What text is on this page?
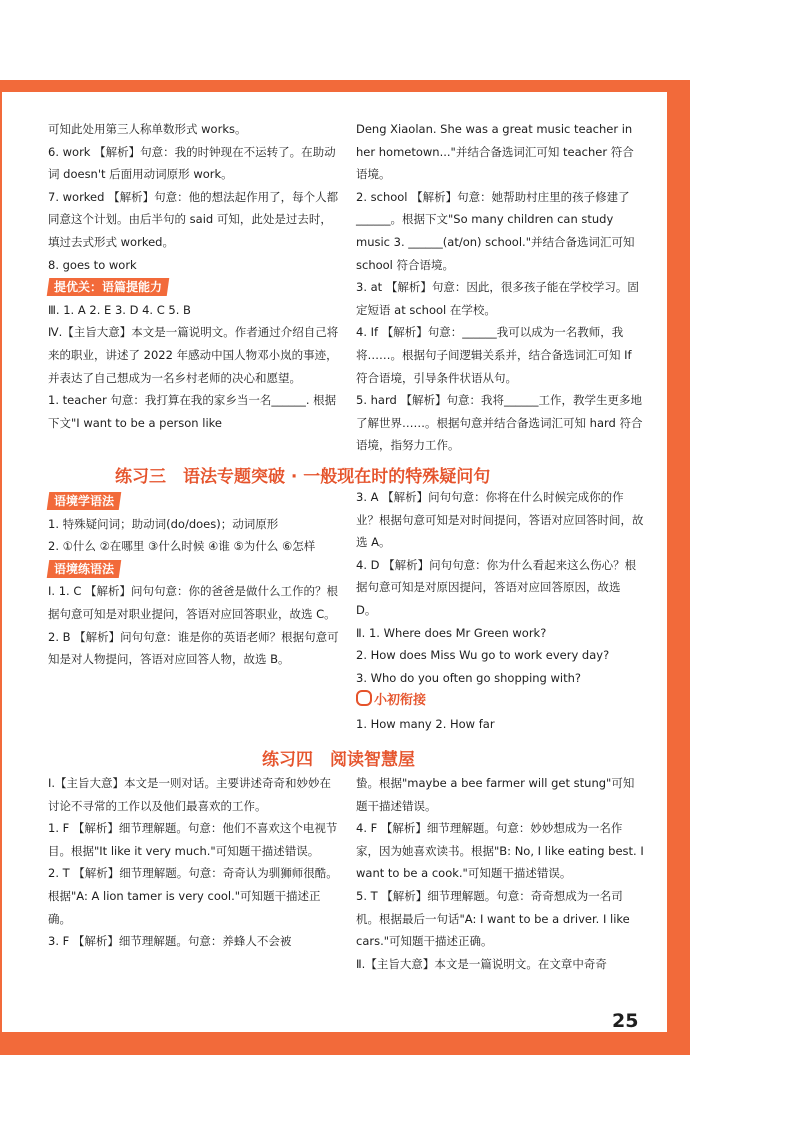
可知此处用第三人称单数形式 works。

6. work 【解析】句意：我的时钟现在不运转了。在助动词 doesn't 后面用动词原形 work。

7. worked 【解析】句意：他的想法起作用了，每个人都同意这个计划。由后半句的 said 可知，此处是过去时，填过去式形式 worked。

8. goes to work

提优关：语篇提能力

Ⅲ. 1. A 2. E 3. D 4. C 5. B

Ⅳ.【主旨大意】本文是一篇说明文。作者通过介绍自己将来的职业，讲述了 2022 年感动中国人物邓小岚的事迹，并表达了自己想成为一名乡村老师的决心和愿望。

1. teacher 句意：我打算在我的家乡当一名______. 根据下文"I want to be a person like

Deng Xiaolan. She was a great music teacher in her hometown..."并结合备选词汇可知 teacher 符合语境。

2. school 【解析】句意：她帮助村庄里的孩子修建了______。根据下文"So many children can study music 3. ______(at/on) school."并结合备选词汇可知 school 符合语境。

3. at 【解析】句意：因此，很多孩子能在学校学习。固定短语 at school 在学校。

4. If 【解析】句意：______我可以成为一名教师，我将……。根据句子间逻辑关系并，结合备选词汇可知 If 符合语境，引导条件状语从句。

5. hard 【解析】句意：我将______工作，教学生更多地了解世界……。根据句意并结合备选词汇可知 hard 符合语境，指努力工作。

练习三　语法专题突破 · 一般现在时的特殊疑问句
语境学语法

1. 特殊疑问词；助动词(do/does)；动词原形

2. ①什么 ②在哪里 ③什么时候 ④谁 ⑤为什么 ⑥怎样

语境练语法

Ⅰ. 1. C 【解析】问句句意：你的爸爸是做什么工作的？根据句意可知是对职业提问，答语对应回答职业，故选 C。

2. B 【解析】问句句意：谁是你的英语老师？根据句意可知是对人物提问，答语对应回答人物，故选 B。

3. A 【解析】问句句意：你将在什么时候完成你的作业？根据句意可知是对时间提问，答语对应回答时间，故选 A。

4. D 【解析】问句句意：你为什么看起来这么伤心？根据句意可知是对原因提问，答语对应回答原因，故选 D。

Ⅱ. 1. Where does Mr Green work?

2. How does Miss Wu go to work every day?

3. Who do you often go shopping with?

小初衔接

1. How many 2. How far

练习四　阅读智慧屋

Ⅰ.【主旨大意】本文是一则对话。主要讲述奇奇和妙妙在讨论不寻常的工作以及他们最喜欢的工作。

1. F 【解析】细节理解题。句意：他们不喜欢这个电视节目。根据"It like it very much."可知题干描述错误。

2. T 【解析】细节理解题。句意：奇奇认为驯狮师很酷。根据"A: A lion tamer is very cool."可知题干描述正确。

3. F 【解析】细节理解题。句意：养蜂人不会被

蛰。根据"maybe a bee farmer will get stung"可知题干描述错误。

4. F 【解析】细节理解题。句意：妙妙想成为一名作家，因为她喜欢读书。根据"B: No, I like eating best. I want to be a cook."可知题干描述错误。

5. T 【解析】细节理解题。句意：奇奇想成为一名司机。根据最后一句话"A: I want to be a driver. I like cars."可知题干描述正确。

Ⅱ.【主旨大意】本文是一篇说明文。在文章中奇奇

25
